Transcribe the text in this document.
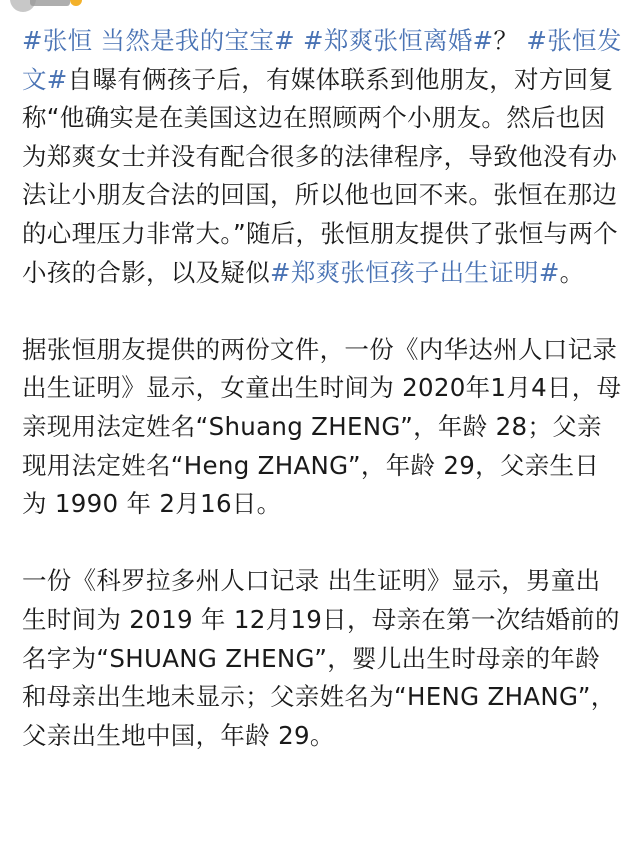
#张恒 当然是我的宝宝# #郑爽张恒离婚#？ #张恒发文#自曝有俩孩子后，有媒体联系到他朋友，对方回复称“他确实是在美国这边在照顾两个小朋友。然后也因为郑爽女士并没有配合很多的法律程序，导致他没有办法让小朋友合法的回国，所以他也回不来。张恒在那边的心理压力非常大。”随后，张恒朋友提供了张恒与两个小孩的合影，以及疑似#郑爽张恒孩子出生证明#。

据张恒朋友提供的两份文件，一份《内华达州人口记录 出生证明》显示，女童出生时间为 2020年1月4日，母亲现用法定姓名“Shuang ZHENG”，年龄 28；父亲现用法定姓名“Heng ZHANG”，年龄 29，父亲生日为 1990 年 2月16日。

一份《科罗拉多州人口记录 出生证明》显示，男童出生时间为 2019 年 12月19日，母亲在第一次结婚前的名字为“SHUANG ZHENG”，婴儿出生时母亲的年龄和母亲出生地未显示；父亲姓名为“HENG ZHANG”，父亲出生地中国，年龄 29。
